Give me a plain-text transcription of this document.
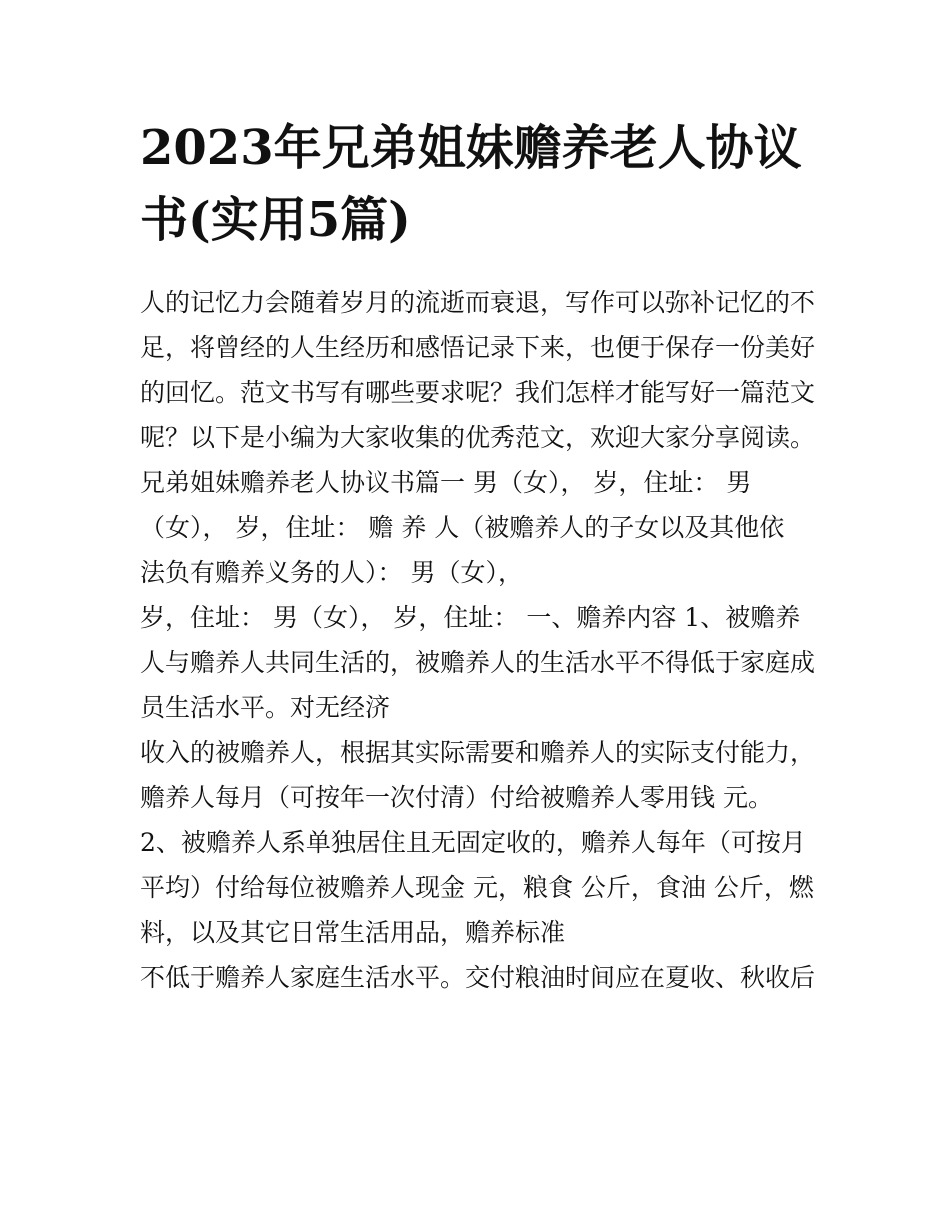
2023年兄弟姐妹赡养老人协议
书(实用5篇)

人的记忆力会随着岁月的流逝而衰退，写作可以弥补记忆的不

足，将曾经的人生经历和感悟记录下来，也便于保存一份美好

的回忆。范文书写有哪些要求呢？我们怎样才能写好一篇范文

呢？以下是小编为大家收集的优秀范文，欢迎大家分享阅读。

兄弟姐妹赡养老人协议书篇一 男（女）， 岁，住址： 男

（女）， 岁，住址： 赡 养 人（被赡养人的子女以及其他依

法负有赡养义务的人）： 男（女），

岁，住址： 男（女）， 岁，住址： 一、赡养内容 1、被赡养

人与赡养人共同生活的，被赡养人的生活水平不得低于家庭成

员生活水平。对无经济

收入的被赡养人，根据其实际需要和赡养人的实际支付能力，

赡养人每月（可按年一次付清）付给被赡养人零用钱 元。

2、被赡养人系单独居住且无固定收的，赡养人每年（可按月

平均）付给每位被赡养人现金 元，粮食 公斤，食油 公斤，燃

料，以及其它日常生活用品，赡养标准

不低于赡养人家庭生活水平。交付粮油时间应在夏收、秋收后
